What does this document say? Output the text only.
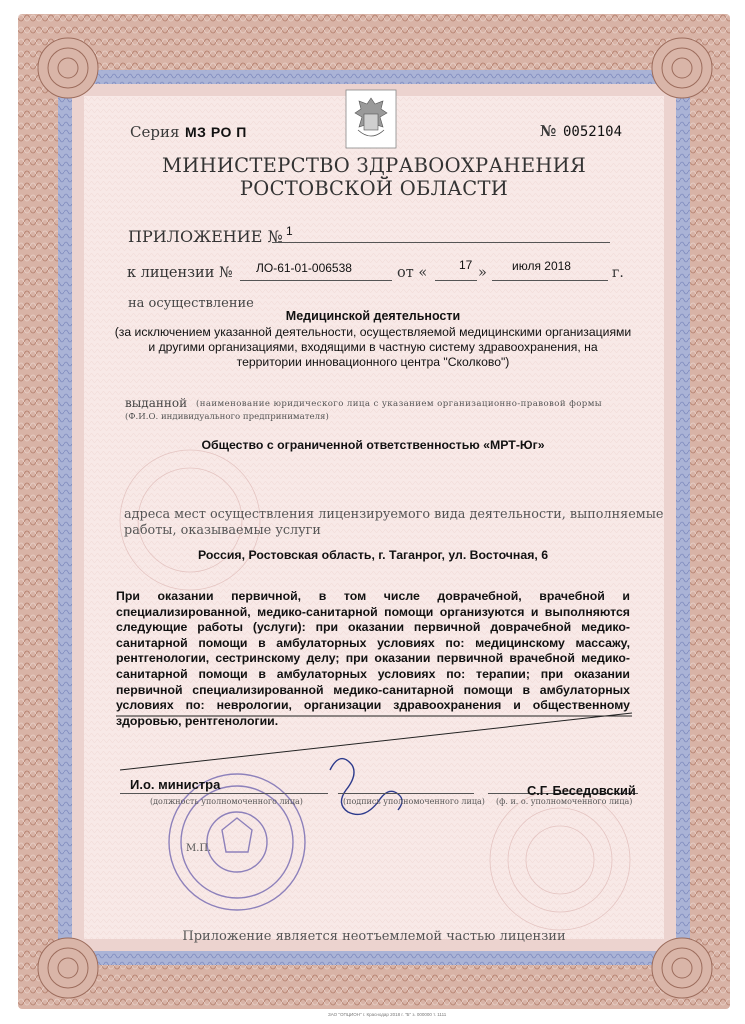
Серия МЗ РО П	№ 0052104
МИНИСТЕРСТВО ЗДРАВООХРАНЕНИЯ
РОСТОВСКОЙ ОБЛАСТИ
ПРИЛОЖЕНИЕ № 1
к лицензии № ЛО-61-01-006538	от «	17 » июля 2018	г.
на осуществление
Медицинской деятельности
(за исключением указанной деятельности, осуществляемой медицинскими организациями
и другими организациями, входящими в частную систему здравоохранения, на
территории инновационного центра "Сколково")
выданной (наименование юридического лица с указанием организационно-правовой формы
(Ф.И.О. индивидуального предпринимателя)
Общество с ограниченной ответственностью «МРТ-Юг»
адреса мест осуществления лицензируемого вида деятельности, выполняемые
работы, оказываемые услуги
Россия, Ростовская область, г. Таганрог, ул. Восточная, 6
При оказании первичной, в том числе доврачебной, врачебной и специализированной, медико-санитарной помощи организуются и выполняются следующие работы (услуги): при оказании первичной доврачебной медико-санитарной помощи в амбулаторных условиях по: медицинскому массажу, рентгенологии, сестринскому делу; при оказании первичной врачебной медико-санитарной помощи в амбулаторных условиях по: терапии; при оказании первичной специализированной медико-санитарной помощи в амбулаторных условиях по: неврологии, организации здравоохранения и общественному здоровью, рентгенологии.
И.о. министра	С.Г. Беседовский
(должность уполномоченного лица)	(подпись уполномоченного лица) (ф. и. о. уполномоченного лица)
М.П.
Приложение является неотъемлемой частью лицензии
ЗАО "ОПЦИОН" г. Краснодар 2018 г. "Б" з. 000000 т. 1111
